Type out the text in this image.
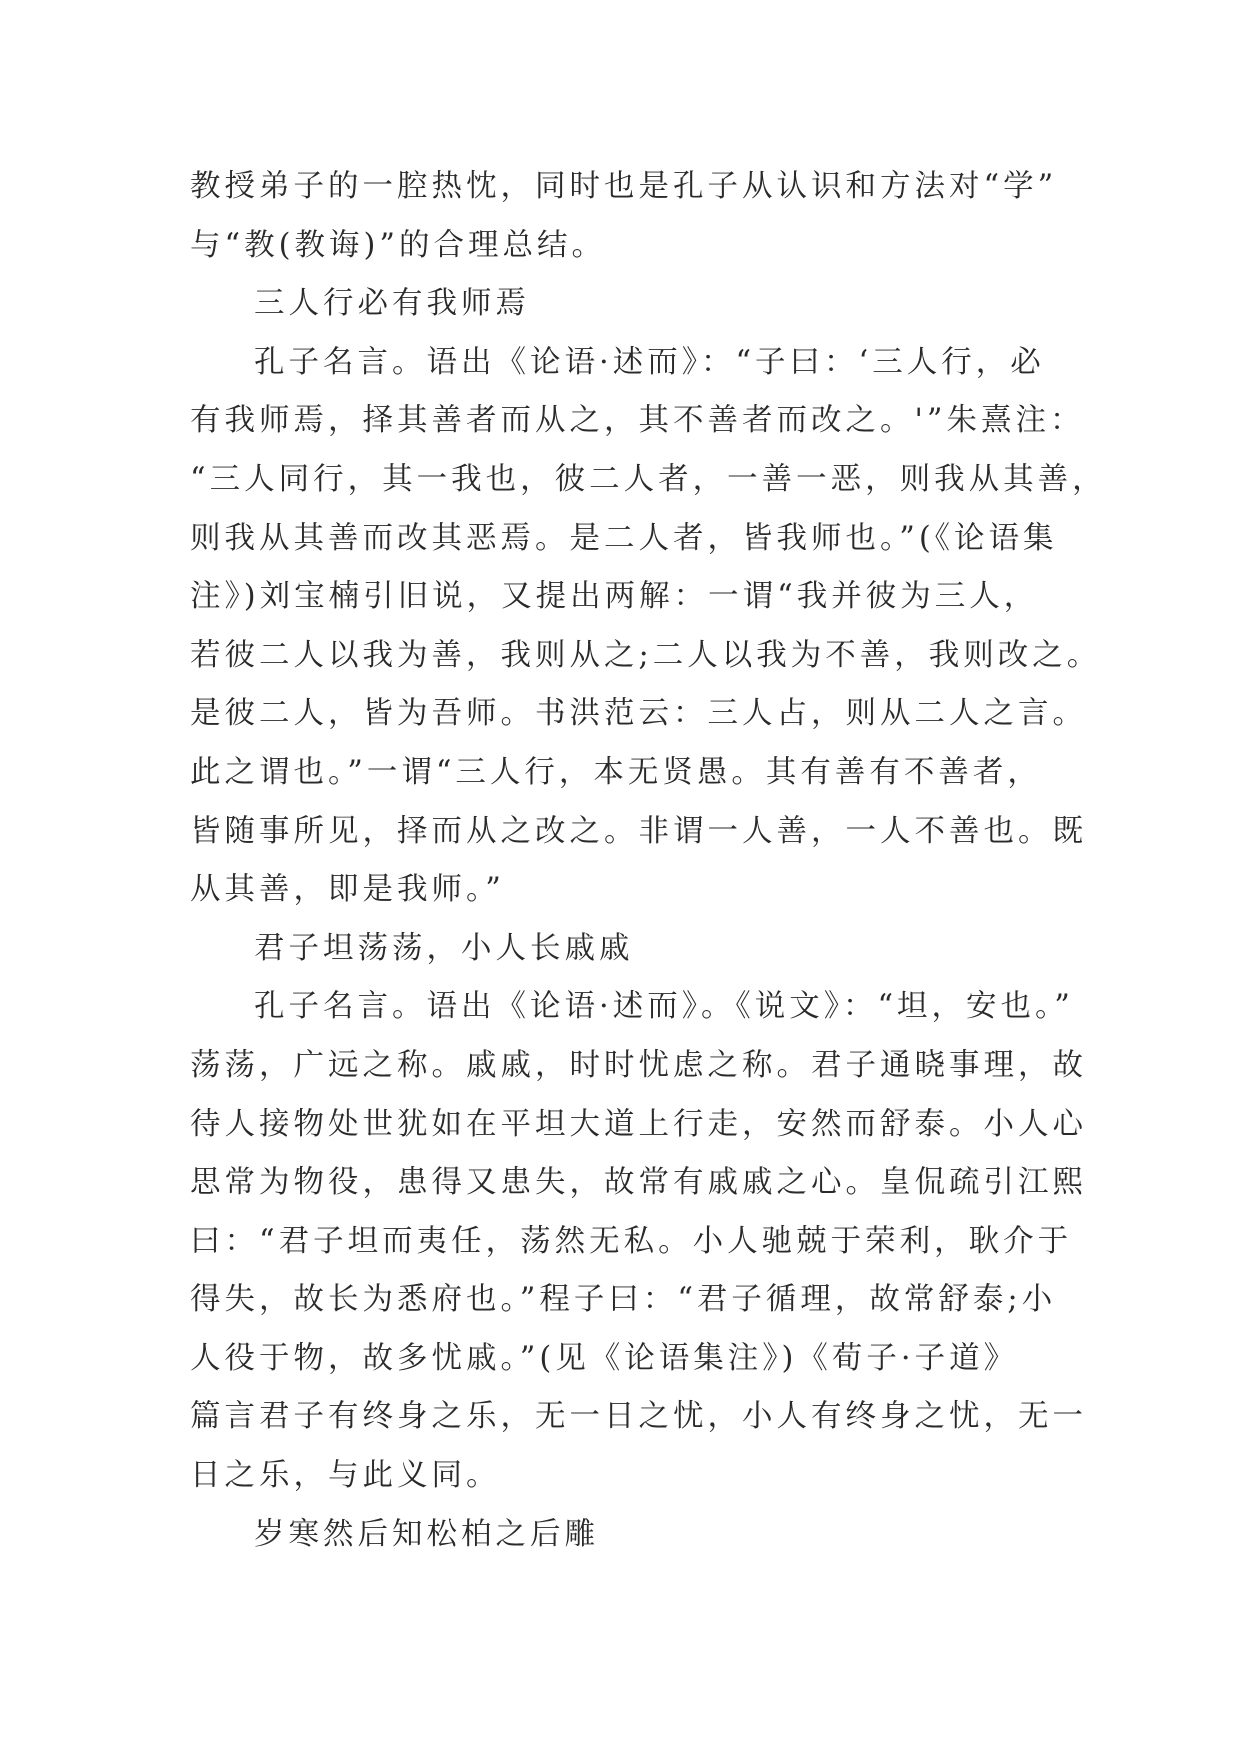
教授弟子的一腔热忱，同时也是孔子从认识和方法对“学”
与“教(教诲)”的合理总结。
三人行必有我师焉
孔子名言。语出《论语·述而》：“子曰：‘三人行，必
有我师焉，择其善者而从之，其不善者而改之。'”朱熹注：
“三人同行，其一我也，彼二人者，一善一恶，则我从其善，
则我从其善而改其恶焉。是二人者，皆我师也。”(《论语集
注》)刘宝楠引旧说，又提出两解：一谓“我并彼为三人，
若彼二人以我为善，我则从之;二人以我为不善，我则改之。
是彼二人，皆为吾师。书洪范云：三人占，则从二人之言。
此之谓也。”一谓“三人行，本无贤愚。其有善有不善者，
皆随事所见，择而从之改之。非谓一人善，一人不善也。既
从其善，即是我师。”
君子坦荡荡，小人长戚戚
孔子名言。语出《论语·述而》。《说文》：“坦，安也。”
荡荡，广远之称。戚戚，时时忧虑之称。君子通晓事理，故
待人接物处世犹如在平坦大道上行走，安然而舒泰。小人心
思常为物役，患得又患失，故常有戚戚之心。皇侃疏引江熙
曰：“君子坦而夷任，荡然无私。小人驰兢于荣利，耿介于
得失，故长为悉府也。”程子曰：“君子循理，故常舒泰;小
人役于物，故多忧戚。”(见《论语集注》)《荀子·子道》
篇言君子有终身之乐，无一日之忧，小人有终身之忧，无一
日之乐，与此义同。
岁寒然后知松柏之后雕
